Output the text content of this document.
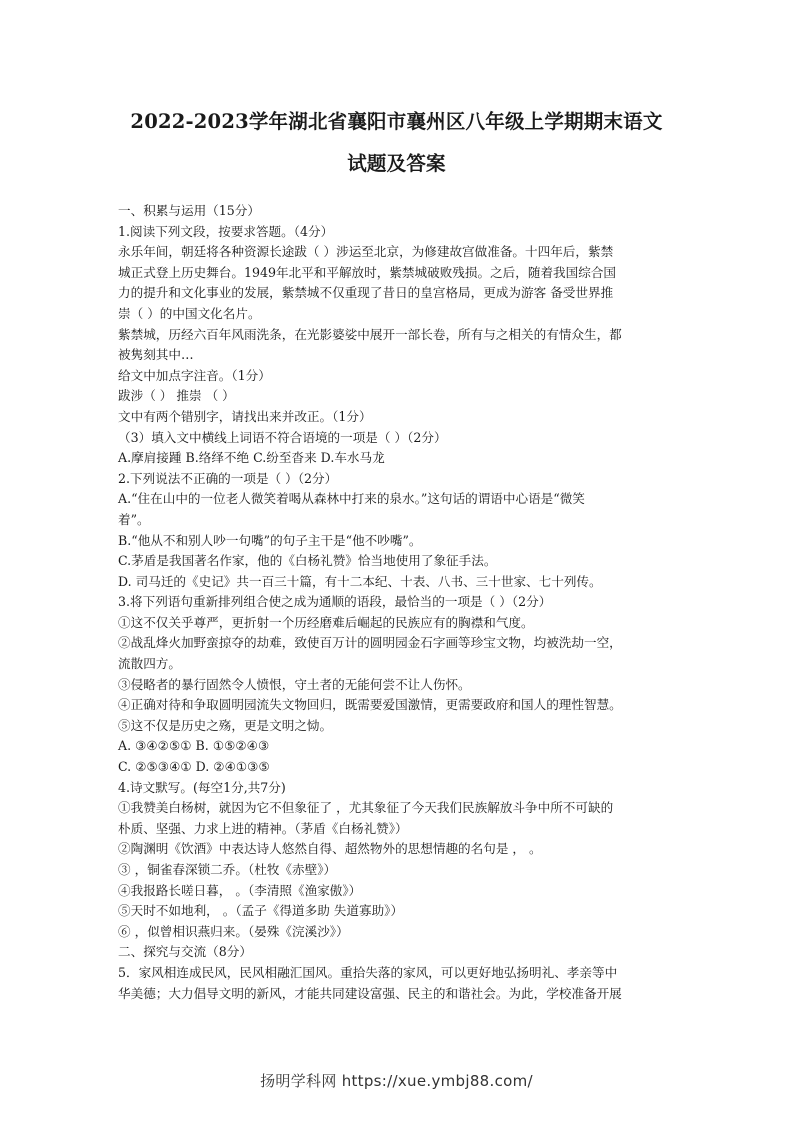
2022-2023学年湖北省襄阳市襄州区八年级上学期期末语文
试题及答案
一、积累与运用（15分）
1.阅读下列文段，按要求答题。（4分）
永乐年间，朝廷将各种资源长途跋（ ）涉运至北京，为修建故宫做准备。十四年后，紫禁
城正式登上历史舞台。1949年北平和平解放时，紫禁城破败残损。之后，随着我国综合国
力的提升和文化事业的发展，紫禁城不仅重现了昔日的皇宫格局，更成为游客 备受世界推
崇（ ）的中国文化名片。
紫禁城，历经六百年风雨洗条，在光影婆娑中展开一部长卷，所有与之相关的有情众生，都
被隽刻其中…
给文中加点字注音。（1分）
跋涉（ ） 推崇 （ ）
文中有两个错别字，请找出来并改正。（1分）
（3）填入文中横线上词语不符合语境的一项是（ ）（2分）
A.摩肩接踵 B.络绎不绝 C.纷至沓来 D.车水马龙
2.下列说法不正确的一项是（ ）（2分）
A.“住在山中的一位老人微笑着喝从森林中打来的泉水。”这句话的谓语中心语是“微笑
着”。
B.“他从不和别人吵一句嘴”的句子主干是“他不吵嘴”。
C.茅盾是我国著名作家，他的《白杨礼赞》恰当地使用了象征手法。
D. 司马迁的《史记》共一百三十篇，有十二本纪、十表、八书、三十世家、七十列传。
3.将下列语句重新排列组合使之成为通顺的语段，最恰当的一项是（ ）（2分）
①这不仅关乎尊严，更折射一个历经磨难后崛起的民族应有的胸襟和气度。
②战乱烽火加野蛮掠夺的劫难，致使百万计的圆明园金石字画等珍宝文物，均被洗劫一空，
流散四方。
③侵略者的暴行固然令人愤恨，守土者的无能何尝不让人伤怀。
④正确对待和争取圆明园流失文物回归，既需要爱国激情，更需要政府和国人的理性智慧。
⑤这不仅是历史之殇，更是文明之恸。
A. ③④②⑤① B. ①⑤②④③
C. ②⑤③④① D. ②④①③⑤
4.诗文默写。(每空1分,共7分)
①我赞美白杨树，就因为它不但象征了 ，尤其象征了今天我们民族解放斗争中所不可缺的
朴质、坚强、力求上进的精神。（茅盾《白杨礼赞》）
②陶渊明《饮酒》中表达诗人悠然自得、超然物外的思想情趣的名句是 ， 。
③ ，铜雀春深锁二乔。（杜牧《赤壁》）
④我报路长嗟日暮， 。（李清照《渔家傲》）
⑤天时不如地利， 。（孟子《得道多助 失道寡助》）
⑥ ，似曾相识燕归来。（晏殊《浣溪沙》）
二、探究与交流（8分）
5．家风相连成民风，民风相融汇国风。重拾失落的家风，可以更好地弘扬明礼、孝亲等中
华美德；大力倡导文明的新风，才能共同建设富强、民主的和谐社会。为此，学校准备开展
扬明学科网 https://xue.ymbj88.com/
